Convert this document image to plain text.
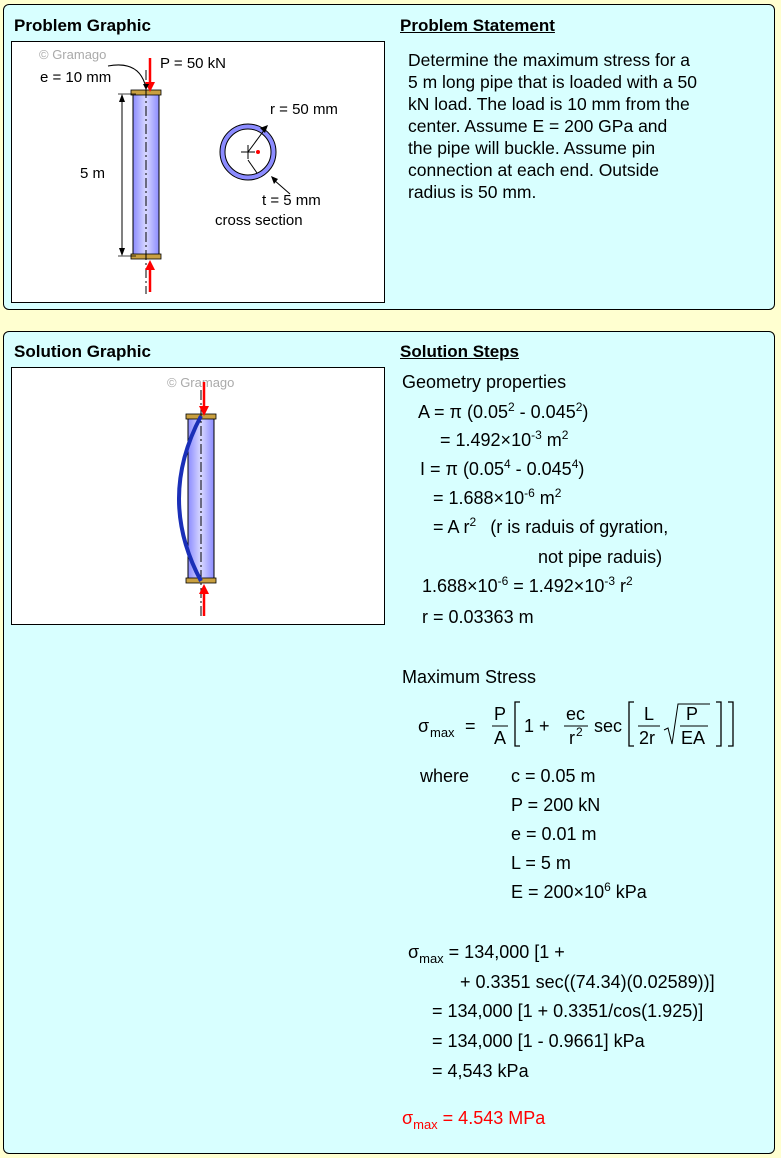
Problem Graphic	Problem Statement
© Gramago
P = 50 kN
e = 10 mm
5 m
r = 50 mm
t = 5 mm
cross section
Determine the maximum stress for a
5 m long pipe that is loaded with a 50
kN load. The load is 10 mm from the
center. Assume E = 200 GPa and
the pipe will buckle. Assume pin
connection at each end. Outside
radius is 50 mm.
Solution Graphic	Solution Steps
© Gramago	Geometry properties
A = π $(0.05^2 - 0.045^2)$
= $1.492\times 10^{-3}$ $m^2$
I = π $(0.05^4 - 0.045^4)$
= $1.688\times 10^{-6}$ $m^2$
= A $r^2$ (r is raduis of gyration,
not pipe raduis)
$1.688\times 10^{-6} = 1.492\times 10^{-3}$ $r^2$
r = 0.03363 m
Maximum Stress
σ max =
P
A
1 +
ec
r 2 sec
L
2r
P
EA
where c = 0.05 m
P = 200 kN
e = 0.01 m
L = 5 m
$E = 200\times 10^6$ kPa
$\sigma_{max} = 134,000$ [1 +
+ 0.3351 sec((74.34)(0.02589))]
= 134,000 [1 + 0.3351/cos(1.925)]
= 134,000 [1 - 0.9661] kPa
= 4,543 kPa
$\sigma_{max} = 4.543$ MPa
